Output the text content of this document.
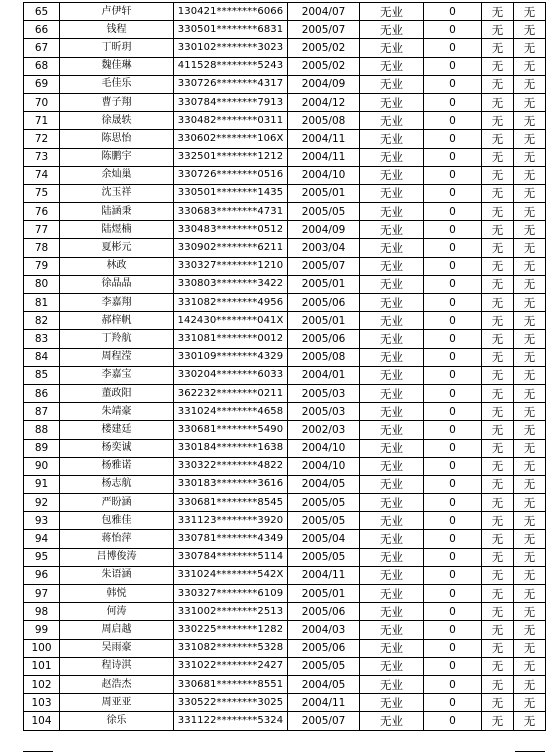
65	卢伊轩	130421********6066	2004/07	无业	0	无	无
66	钱程	330501********6831	2005/07	无业	0	无	无
67	丁昕玥	330102********3023	2005/02	无业	0	无	无
68	魏佳琳	411528********5243	2005/02	无业	0	无	无
69	毛佳乐	330726********4317	2004/09	无业	0	无	无
70	曹子翔	330784********7913	2004/12	无业	0	无	无
71	徐晟轶	330482********0311	2005/08	无业	0	无	无
72	陈思怡	330602********106X	2004/11	无业	0	无	无
73	陈鹏宇	332501********1212	2004/11	无业	0	无	无
74	余灿巢	330726********0516	2004/10	无业	0	无	无
75	沈玉祥	330501********1435	2005/01	无业	0	无	无
76	陆涵秉	330683********4731	2005/05	无业	0	无	无
77	陆煜楠	330483********0512	2004/09	无业	0	无	无
78	夏彬元	330902********6211	2003/04	无业	0	无	无
79	林政	330327********1210	2005/07	无业	0	无	无
80	徐晶晶	330803********3422	2005/01	无业	0	无	无
81	李嘉翔	331082********4956	2005/06	无业	0	无	无
82	郝梓帆	142430********041X	2005/01	无业	0	无	无
83	丁羚航	331081********0012	2005/06	无业	0	无	无
84	周程滢	330109********4329	2005/08	无业	0	无	无
85	李嘉宝	330204********6033	2004/01	无业	0	无	无
86	董政阳	362232********0211	2005/03	无业	0	无	无
87	朱靖豪	331024********4658	2005/03	无业	0	无	无
88	楼建廷	330681********5490	2002/03	无业	0	无	无
89	杨奕诚	330184********1638	2004/10	无业	0	无	无
90	杨雅诺	330322********4822	2004/10	无业	0	无	无
91	杨志航	330183********3616	2004/05	无业	0	无	无
92	严盼涵	330681********8545	2005/05	无业	0	无	无
93	包雅佳	331123********3920	2005/05	无业	0	无	无
94	蒋怡萍	330781********4349	2005/04	无业	0	无	无
95	吕博俊涛	330784********5114	2005/05	无业	0	无	无
96	朱语涵	331024********542X	2004/11	无业	0	无	无
97	韩悦	330327********6109	2005/01	无业	0	无	无
98	何涛	331002********2513	2005/06	无业	0	无	无
99	周启越	330225********1282	2004/03	无业	0	无	无
100	吴雨豪	331082********5328	2005/06	无业	0	无	无
101	程诗淇	331022********2427	2005/05	无业	0	无	无
102	赵浩杰	330681********8551	2004/05	无业	0	无	无
103	周亚亚	330522********3025	2004/11	无业	0	无	无
104	徐乐	331122********5324	2005/07	无业	0	无	无
